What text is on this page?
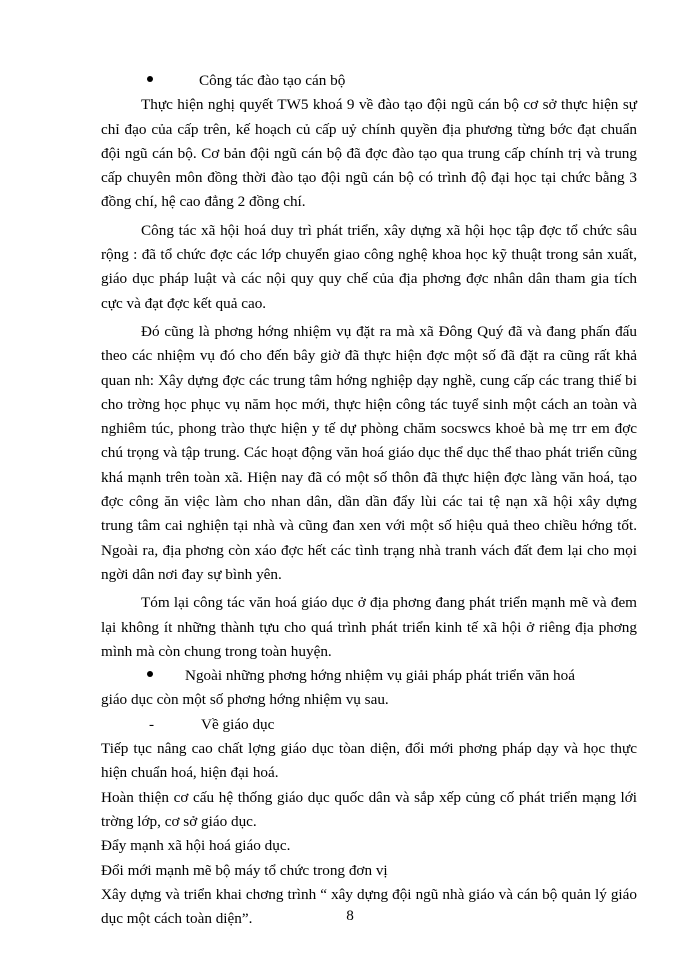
Công tác đào tạo cán bộ

Thực hiện nghị quyết TW5 khoá 9 về đào tạo đội ngũ cán bộ cơ sở thực hiện sự chỉ đạo của cấp trên, kế hoạch củ cấp uỷ chính quyền địa phương từng bớc đạt chuẩn đội ngũ cán bộ. Cơ bản đội ngũ cán bộ đã đợc đào tạo qua trung cấp chính trị và trung cấp chuyên môn đồng thời đào tạo đội ngũ cán bộ có trình độ đại học tại chức bằng 3 đồng chí, hệ cao đẳng 2 đồng chí.

Công tác xã hội hoá duy trì phát triển, xây dựng xã hội học tập đợc tổ chức sâu rộng : đã tổ chức đợc các lớp chuyển giao công nghệ khoa học kỹ thuật trong sản xuất, giáo dục pháp luật và các nội quy quy chế của địa phơng đợc nhân dân tham gia tích cực và đạt đợc kết quả cao.

Đó cũng là phơng hớng nhiệm vụ đặt ra mà xã Đông Quý đã và đang phấn đấu theo các nhiệm vụ đó cho đến bây giờ đã thực hiện đợc một số đã đặt ra cũng rất khả quan nh: Xây dựng đợc các trung tâm hớng nghiệp dạy nghề, cung cấp các trang thiế bi cho trờng học phục vụ năm học mới, thực hiện công tác tuyể sinh một cách an toàn và nghiêm túc, phong trào thực hiện y tế dự phòng chăm socswcs khoẻ bà mẹ trr em đợc chú trọng và tập trung. Các hoạt động văn hoá giáo dục thể dục thể thao phát triển cũng khá mạnh trên toàn xã. Hiện nay đã có một số thôn đã thực hiện đợc làng văn hoá, tạo đợc công ăn việc làm cho nhan dân, dần dần đẩy lùi các tai tệ nạn xã hội xây dựng trung tâm cai nghiện tại nhà và cũng đan xen với một số hiệu quả theo chiều hớng tốt. Ngoài ra, địa phơng còn xáo đợc hết các tình trạng nhà tranh vách đất đem lại cho mọi ngời dân nơi đay sự bình yên.

Tóm lại công tác văn hoá giáo dục ở địa phơng đang phát triển mạnh mẽ và đem lại không ít những thành tựu cho quá trình phát triển kinh tế xã hội ở riêng địa phơng mình mà còn chung trong toàn huyện.

Ngoài những phơng hớng nhiệm vụ giải pháp phát triển văn hoá

giáo dục còn một số phơng hớng nhiệm vụ sau.

-	Về giáo dục

Tiếp tục nâng cao chất lợng giáo dục tòan diện, đổi mới phơng pháp dạy và học thực hiện chuẩn hoá, hiện đại hoá.

Hoàn thiện cơ cấu hệ thống giáo dục quốc dân và sắp xếp củng cố phát triển mạng lới trờng lớp, cơ sở giáo dục.

Đẩy mạnh xã hội hoá giáo dục.

Đổi mới mạnh mẽ bộ máy tổ chức trong đơn vị

Xây dựng và triển khai chơng trình “ xây dựng đội ngũ nhà giáo và cán bộ quản lý giáo dục một cách toàn diện”.	8
